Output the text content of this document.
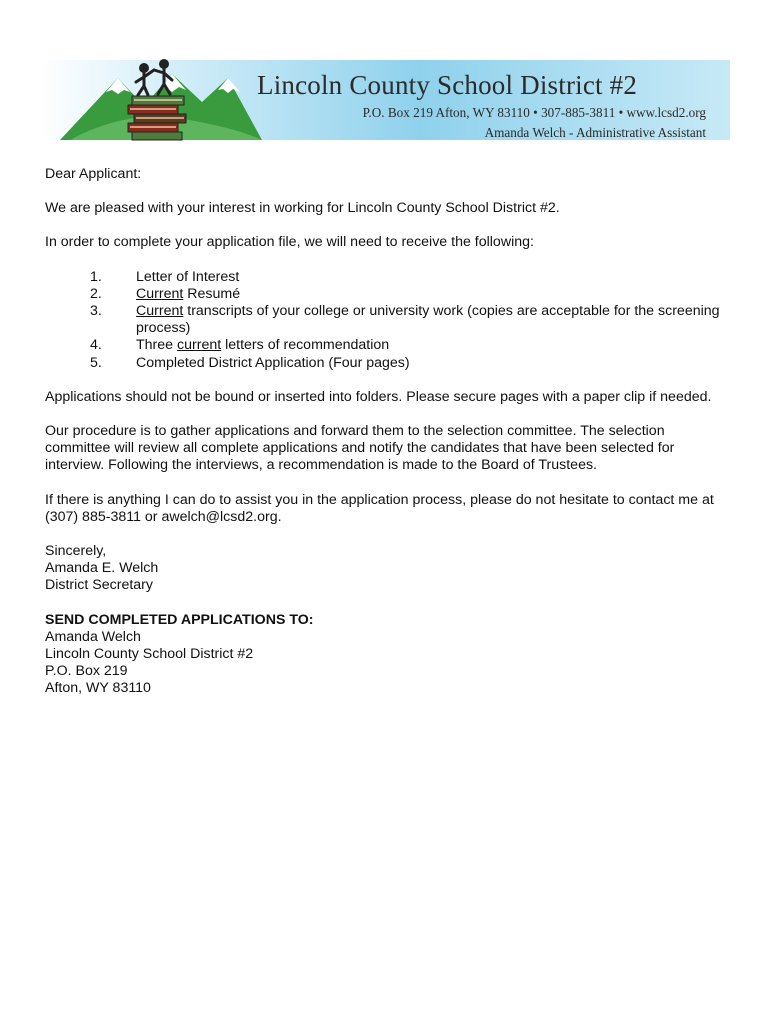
Lincoln County School District #2
P.O. Box 219 Afton, WY 83110 • 307-885-3811 • www.lcsd2.org
Amanda Welch - Administrative Assistant

Dear Applicant:

We are pleased with your interest in working for Lincoln County School District #2.

In order to complete your application file, we will need to receive the following:

1. Letter of Interest
2. Current Resumé
3. Current transcripts of your college or university work (copies are acceptable for the screening process)
4. Three current letters of recommendation
5. Completed District Application (Four pages)

Applications should not be bound or inserted into folders. Please secure pages with a paper clip if needed.

Our procedure is to gather applications and forward them to the selection committee. The selection committee will review all complete applications and notify the candidates that have been selected for interview. Following the interviews, a recommendation is made to the Board of Trustees.

If there is anything I can do to assist you in the application process, please do not hesitate to contact me at (307) 885-3811 or awelch@lcsd2.org.

Sincerely,

Amanda E. Welch

District Secretary

SEND COMPLETED APPLICATIONS TO:

Amanda Welch

Lincoln County School District #2

P.O. Box 219

Afton, WY 83110
